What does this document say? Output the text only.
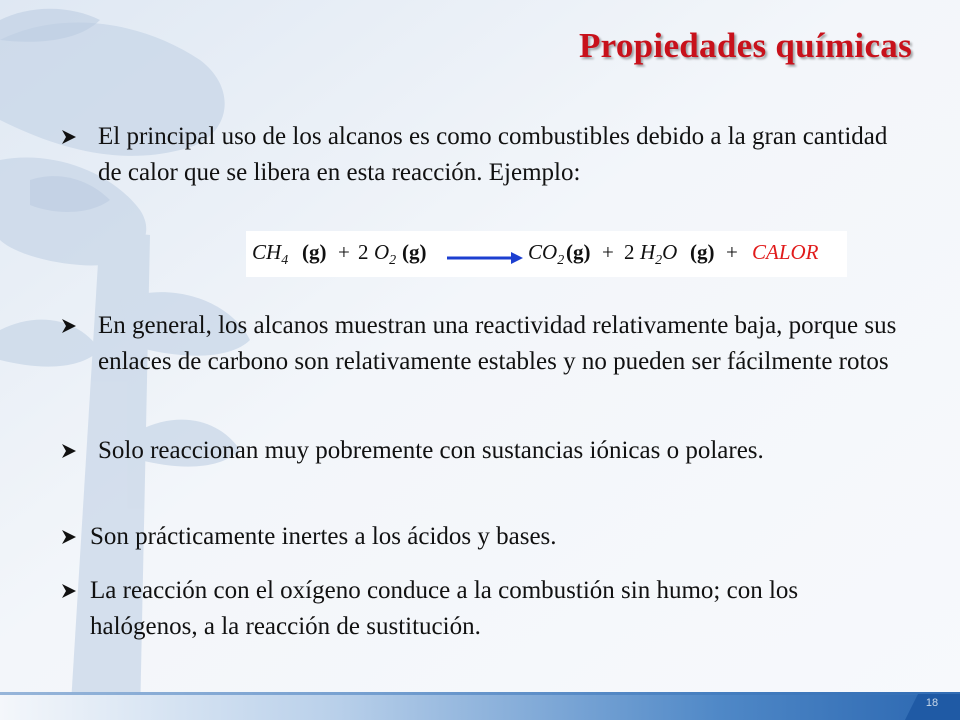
Propiedades químicas
El principal uso de los alcanos es como combustibles debido a la gran cantidad de calor que se libera en esta reacción. Ejemplo:
$CH_4$ (g) + 2 $O_2$ (g)	$CO_2$ (g) + 2 $H_2O$ (g) + CALOR
En general, los alcanos muestran una reactividad relativamente baja, porque sus enlaces de carbono son relativamente estables y no pueden ser fácilmente rotos
Solo reaccionan muy pobremente con sustancias iónicas o polares.
Son prácticamente inertes a los ácidos y bases.
La reacción con el oxígeno conduce a la combustión sin humo; con los halógenos, a la reacción de sustitución.
18
